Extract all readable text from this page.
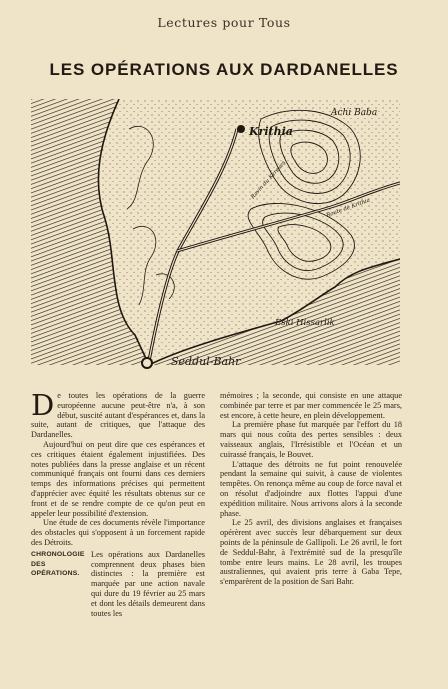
Lectures pour Tous
LES OPÉRATIONS AUX DARDANELLES
Krithia
Achi Baba
Ravin du Kereves
Route de Krithia
Eski Hissarlik
Seddul-Bahr

De toutes les opérations de la guerre européenne aucune peut-être n'a, à son début, suscité autant d'espérances et, dans la suite, autant de critiques, que l'attaque des Dardanelles.

Aujourd'hui on peut dire que ces espérances et ces critiques étaient également injustifiées. Des notes publiées dans la presse anglaise et un récent communiqué français ont fourni dans ces derniers temps des informations précises qui permettent d'apprécier avec équité les résultats obtenus sur ce front et de se rendre compte de ce qu'on peut en appeler leur possibilité d'extension.

Une étude de ces documents révèle l'importance des obstacles qui s'opposent à un forcement rapide des Détroits.

CHRONOLOGIE
DES
OPÉRATIONS.
Les opérations aux Dardanelles comprennent deux phases bien distinctes : la première est marquée par une action navale qui dure du 19 février au 25 mars et dont les détails demeurent dans toutes les

mémoires ; la seconde, qui consiste en une attaque combinée par terre et par mer commencée le 25 mars, est encore, à cette heure, en plein développement.

La première phase fut marquée par l'effort du 18 mars qui nous coûta des pertes sensibles : deux vaisseaux anglais, l'Irrésistible et l'Océan et un cuirassé français, le Bouvet.

L'attaque des détroits ne fut point renouvelée pendant la semaine qui suivit, à cause de violentes tempêtes. On renonça même au coup de force naval et on résolut d'adjoindre aux flottes l'appui d'une expédition militaire. Nous arrivons alors à la seconde phase.

Le 25 avril, des divisions anglaises et françaises opérèrent avec succès leur débarquement sur deux points de la péninsule de Gallipoli. Le 26 avril, le fort de Seddul-Bahr, à l'extrémité sud de la presqu'île tombe entre leurs mains. Le 28 avril, les troupes australiennes, qui avaient pris terre à Gaba Tepe, s'emparèrent de la position de Sari Bahr.
